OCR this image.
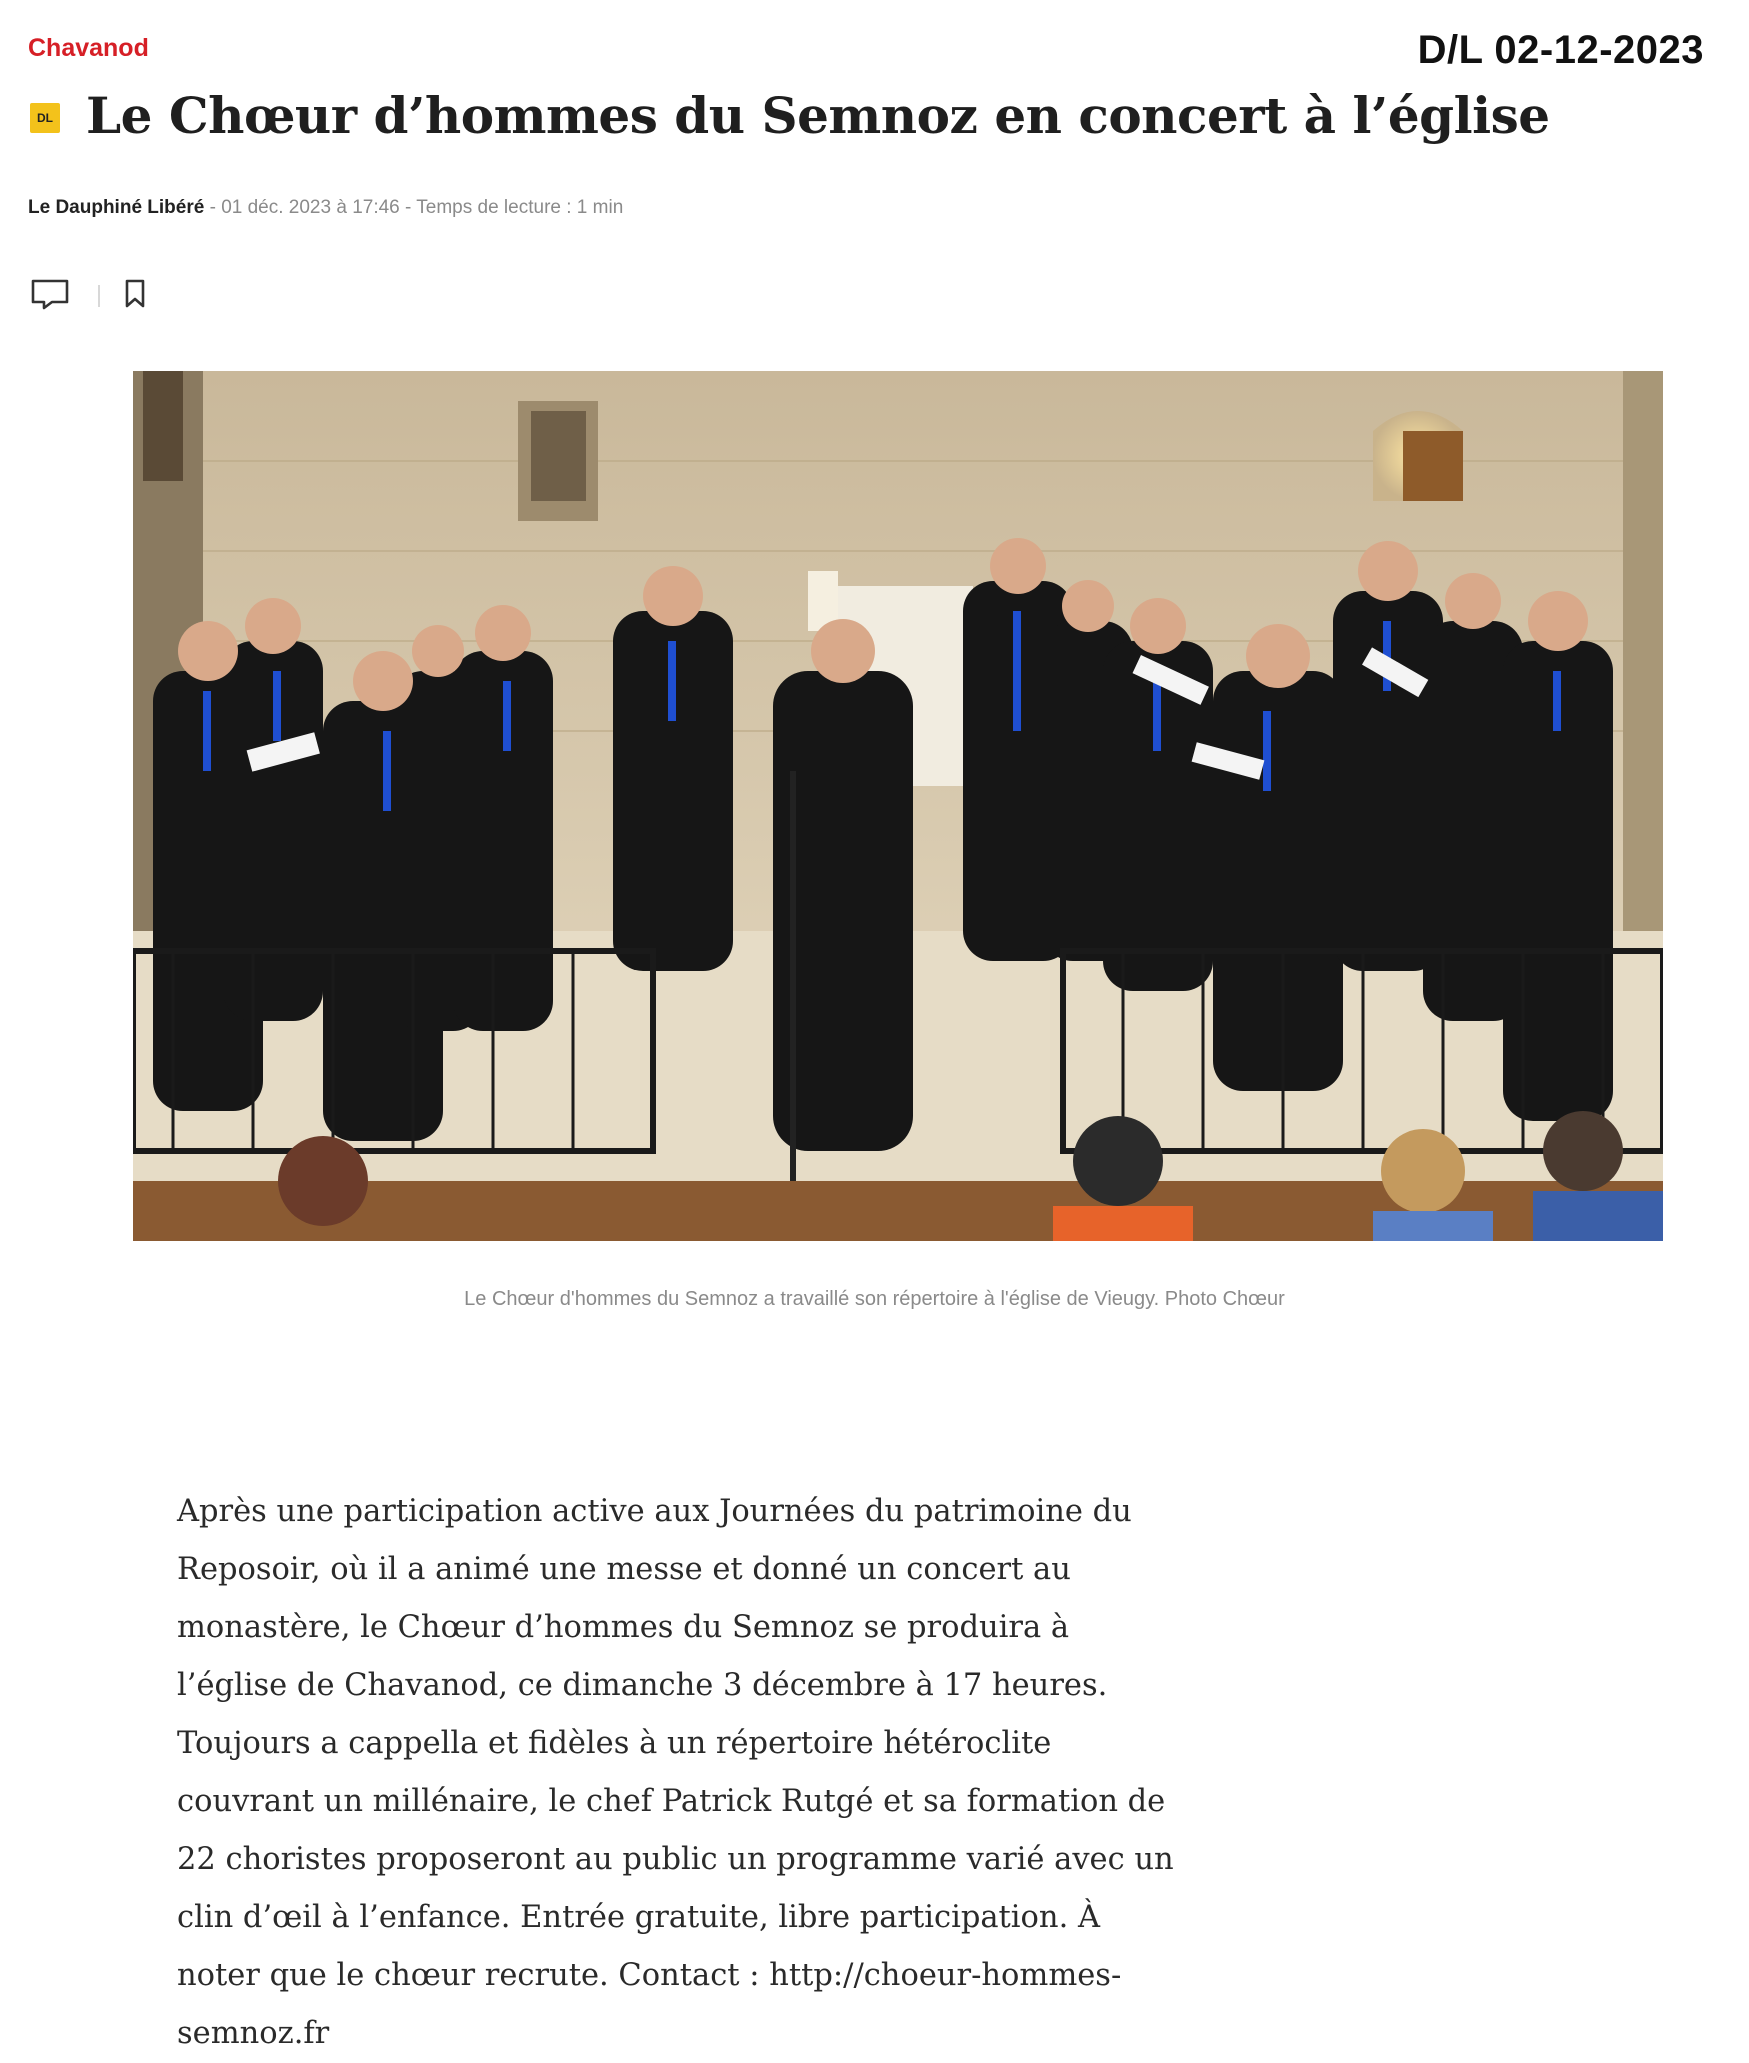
Chavanod	D/L 02-12-2023
DL Le Chœur d’hommes du Semnoz en concert à l’église
Le Dauphiné Libéré - 01 déc. 2023 à 17:46 - Temps de lecture : 1 min
Le Chœur d'hommes du Semnoz a travaillé son répertoire à l'église de Vieugy. Photo Chœur

Après une participation active aux Journées du patrimoine du Reposoir, où il a animé une messe et donné un concert au monastère, le Chœur d’hommes du Semnoz se produira à l’église de Chavanod, ce dimanche 3 décembre à 17 heures. Toujours a cappella et fidèles à un répertoire hétéroclite couvrant un millénaire, le chef Patrick Rutgé et sa formation de 22 choristes proposeront au public un programme varié avec un clin d’œil à l’enfance. Entrée gratuite, libre participation. À noter que le chœur recrute. Contact : http://choeur-hommes-semnoz.fr
